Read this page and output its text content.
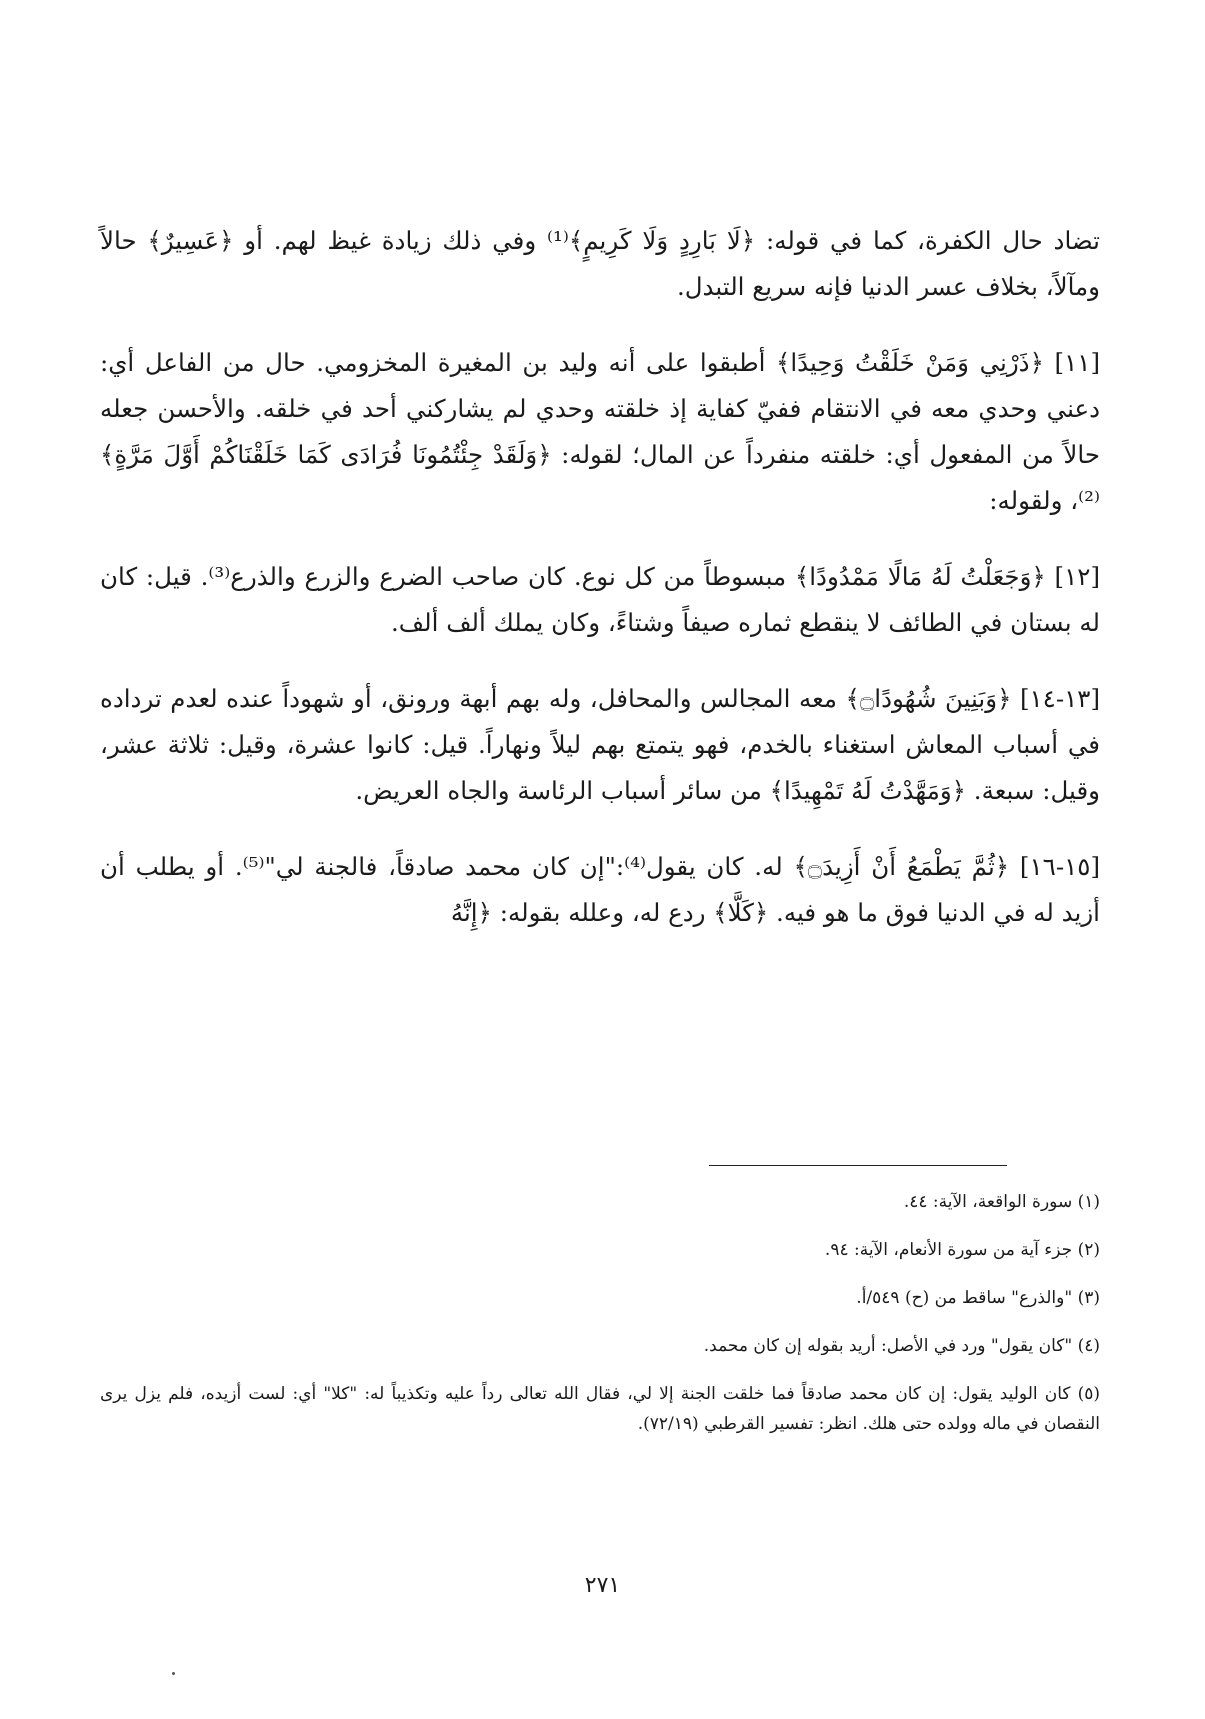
تضاد حال الكفرة، كما في قوله: ﴿لَا بَارِدٍ وَلَا كَرِيمٍ﴾⁽¹⁾ وفي ذلك زيادة غيظ لهم. أو ﴿عَسِيرٌ﴾ حالاً ومآلاً، بخلاف عسر الدنيا فإنه سريع التبدل.

[١١] ﴿ذَرْنِي وَمَنْ خَلَقْتُ وَحِيدًا﴾ أطبقوا على أنه وليد بن المغيرة المخزومي. حال من الفاعل أي: دعني وحدي معه في الانتقام ففيّ كفاية إذ خلقته وحدي لم يشاركني أحد في خلقه. والأحسن جعله حالاً من المفعول أي: خلقته منفرداً عن المال؛ لقوله: ﴿وَلَقَدْ جِئْتُمُونَا فُرَادَى كَمَا خَلَقْنَاكُمْ أَوَّلَ مَرَّةٍ﴾ ⁽²⁾، ولقوله:

[١٢] ﴿وَجَعَلْتُ لَهُ مَالًا مَمْدُودًا﴾ مبسوطاً من كل نوع. كان صاحب الضرع والزرع والذرع⁽³⁾. قيل: كان له بستان في الطائف لا ينقطع ثماره صيفاً وشتاءً، وكان يملك ألف ألف.

[١٣-١٤] ﴿وَبَنِينَ شُهُودًا۝﴾ معه المجالس والمحافل، وله بهم أبهة ورونق، أو شهوداً عنده لعدم ترداده في أسباب المعاش استغناء بالخدم، فهو يتمتع بهم ليلاً ونهاراً. قيل: كانوا عشرة، وقيل: ثلاثة عشر، وقيل: سبعة. ﴿وَمَهَّدْتُ لَهُ تَمْهِيدًا﴾ من سائر أسباب الرئاسة والجاه العريض.

[١٥-١٦] ﴿ثُمَّ يَطْمَعُ أَنْ أَزِيدَ۝﴾ له. كان يقول⁽⁴⁾:"إن كان محمد صادقاً، فالجنة لي"⁽⁵⁾. أو يطلب أن أزيد له في الدنيا فوق ما هو فيه. ﴿كَلَّا﴾ ردع له، وعلله بقوله: ﴿إِنَّهُ

(١) سورة الواقعة، الآية: ٤٤.

(٢) جزء آية من سورة الأنعام، الآية: ٩٤.

(٣) "والذرع" ساقط من (ح) ٥٤٩/أ.

(٤) "كان يقول" ورد في الأصل: أريد بقوله إن كان محمد.

(٥) كان الوليد يقول: إن كان محمد صادقاً فما خلقت الجنة إلا لي، فقال الله تعالى رداً عليه وتكذيباً له: "كلا" أي: لست أزيده، فلم يزل يرى النقصان في ماله وولده حتى هلك. انظر: تفسير القرطبي (٧٢/١٩).

٢٧١
